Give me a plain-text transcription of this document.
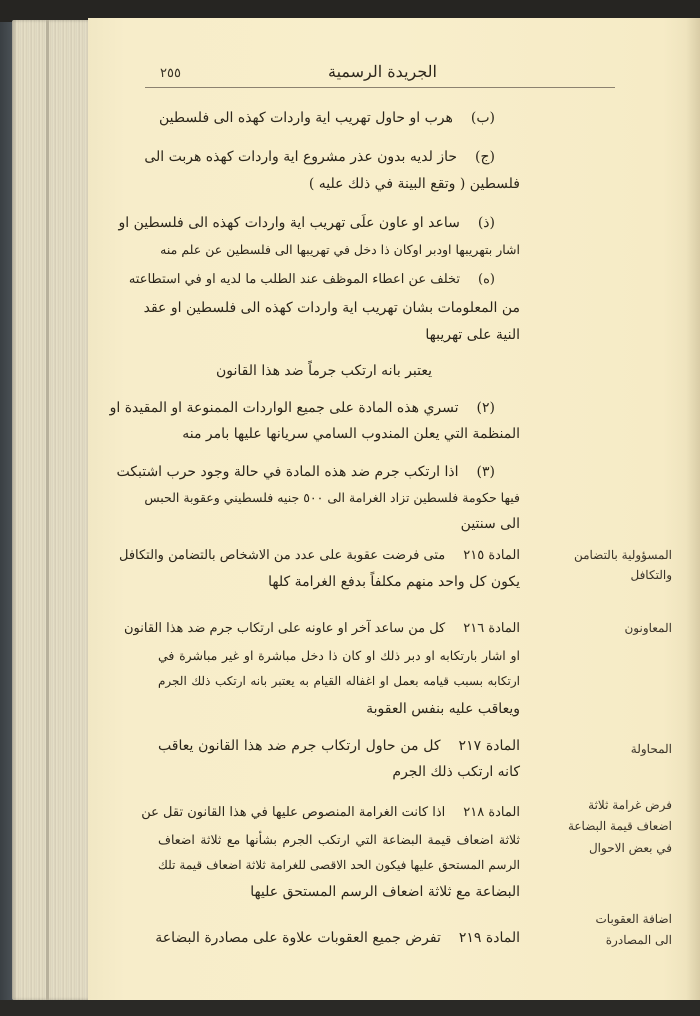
٢٥٥	الجريدة الرسمية
(ب)هرب او حاول تهريب اية واردات كهذه الى فلسطين
(ج)حاز لديه بدون عذر مشروع اية واردات كهذه هربت الى
فلسطين ( وتقع البينة في ذلك عليه )
(ذ)ساعد او عاون علَى تهريب اية واردات كهذه الى فلسطين او
اشار بتهريبها اودبر اوكان ذا دخل في تهريبها الى فلسطين عن علم منه
(ه)تخلف عن اعطاء الموظف عند الطلب ما لديه او في استطاعته
من المعلومات بشان تهريب اية واردات كهذه الى فلسطين او عقد
النية على تهريبها
يعتبر بانه ارتكب جرماً ضد هذا القانون
(٢)تسري هذه المادة على جميع الواردات الممنوعة او المقيدة او
المنظمة التي يعلن المندوب السامي سريانها عليها بامر منه
(٣)اذا ارتكب جرم ضد هذه المادة في حالة وجود حرب اشتبكت
فيها حكومة فلسطين تزاد الغرامة الى ٥٠٠ جنيه فلسطيني وعقوبة الحبس
الى سنتين
المسؤولية بالتضامن
والتكافل
المادة ٢١٥متى فرضت عقوبة على عدد من الاشخاص بالتضامن والتكافل
يكون كل واحد منهم مكلفاً بدفع الغرامة كلها
المعاونون
المادة ٢١٦كل من ساعد آخر او عاونه على ارتكاب جرم ضد هذا القانون
او اشار بارتكابه او دبر ذلك او كان ذا دخل مباشرة او غير مباشرة في
ارتكابه بسبب قيامه بعمل او اغفاله القيام به يعتبر بانه ارتكب ذلك الجرم
ويعاقب عليه بنفس العقوبة
المحاولة
المادة ٢١٧كل من حاول ارتكاب جرم ضد هذا القانون يعاقب
كانه ارتكب ذلك الجرم
فرض غرامة ثلاثة
اضعاف قيمة البضاعة
في بعض الاحوال
المادة ٢١٨اذا كانت الغرامة المنصوص عليها في هذا القانون تقل عن
ثلاثة اضعاف قيمة البضاعة التي ارتكب الجرم بشأنها مع ثلاثة اضعاف
الرسم المستحق عليها فيكون الحد الاقصى للغرامة ثلاثة اضعاف قيمة تلك
البضاعة مع ثلاثة اضعاف الرسم المستحق عليها
اضافة العقوبات
الى المصادرة
المادة ٢١٩تفرض جميع العقوبات علاوة على مصادرة البضاعة
